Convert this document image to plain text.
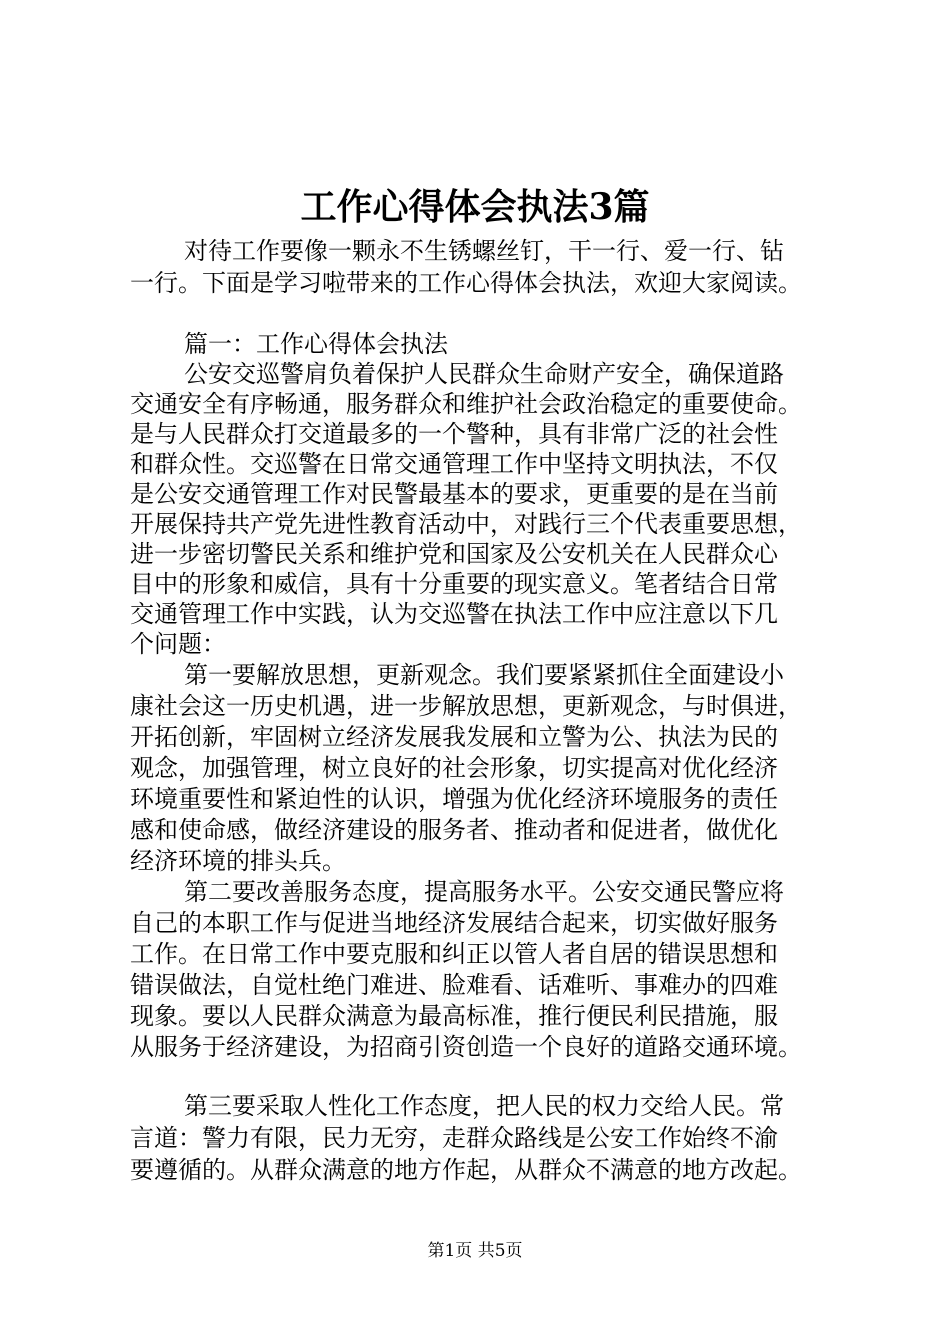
工作心得体会执法3篇

对待工作要像一颗永不生锈螺丝钉，干一行、爱一行、钻

一行。下面是学习啦带来的工作心得体会执法，欢迎大家阅读。

篇一：工作心得体会执法

公安交巡警肩负着保护人民群众生命财产安全，确保道路

交通安全有序畅通，服务群众和维护社会政治稳定的重要使命。

是与人民群众打交道最多的一个警种，具有非常广泛的社会性

和群众性。交巡警在日常交通管理工作中坚持文明执法，不仅

是公安交通管理工作对民警最基本的要求，更重要的是在当前

开展保持共产党先进性教育活动中，对践行三个代表重要思想，

进一步密切警民关系和维护党和国家及公安机关在人民群众心

目中的形象和威信，具有十分重要的现实意义。笔者结合日常

交通管理工作中实践，认为交巡警在执法工作中应注意以下几

个问题：

第一要解放思想，更新观念。我们要紧紧抓住全面建设小

康社会这一历史机遇，进一步解放思想，更新观念，与时俱进，

开拓创新，牢固树立经济发展我发展和立警为公、执法为民的

观念，加强管理，树立良好的社会形象，切实提高对优化经济

环境重要性和紧迫性的认识，增强为优化经济环境服务的责任

感和使命感，做经济建设的服务者、推动者和促进者，做优化

经济环境的排头兵。

第二要改善服务态度，提高服务水平。公安交通民警应将

自己的本职工作与促进当地经济发展结合起来，切实做好服务

工作。在日常工作中要克服和纠正以管人者自居的错误思想和

错误做法，自觉杜绝门难进、脸难看、话难听、事难办的四难

现象。要以人民群众满意为最高标准，推行便民利民措施，服

从服务于经济建设，为招商引资创造一个良好的道路交通环境。

第三要采取人性化工作态度，把人民的权力交给人民。常

言道：警力有限，民力无穷，走群众路线是公安工作始终不渝

要遵循的。从群众满意的地方作起，从群众不满意的地方改起。

第1页 共5页
